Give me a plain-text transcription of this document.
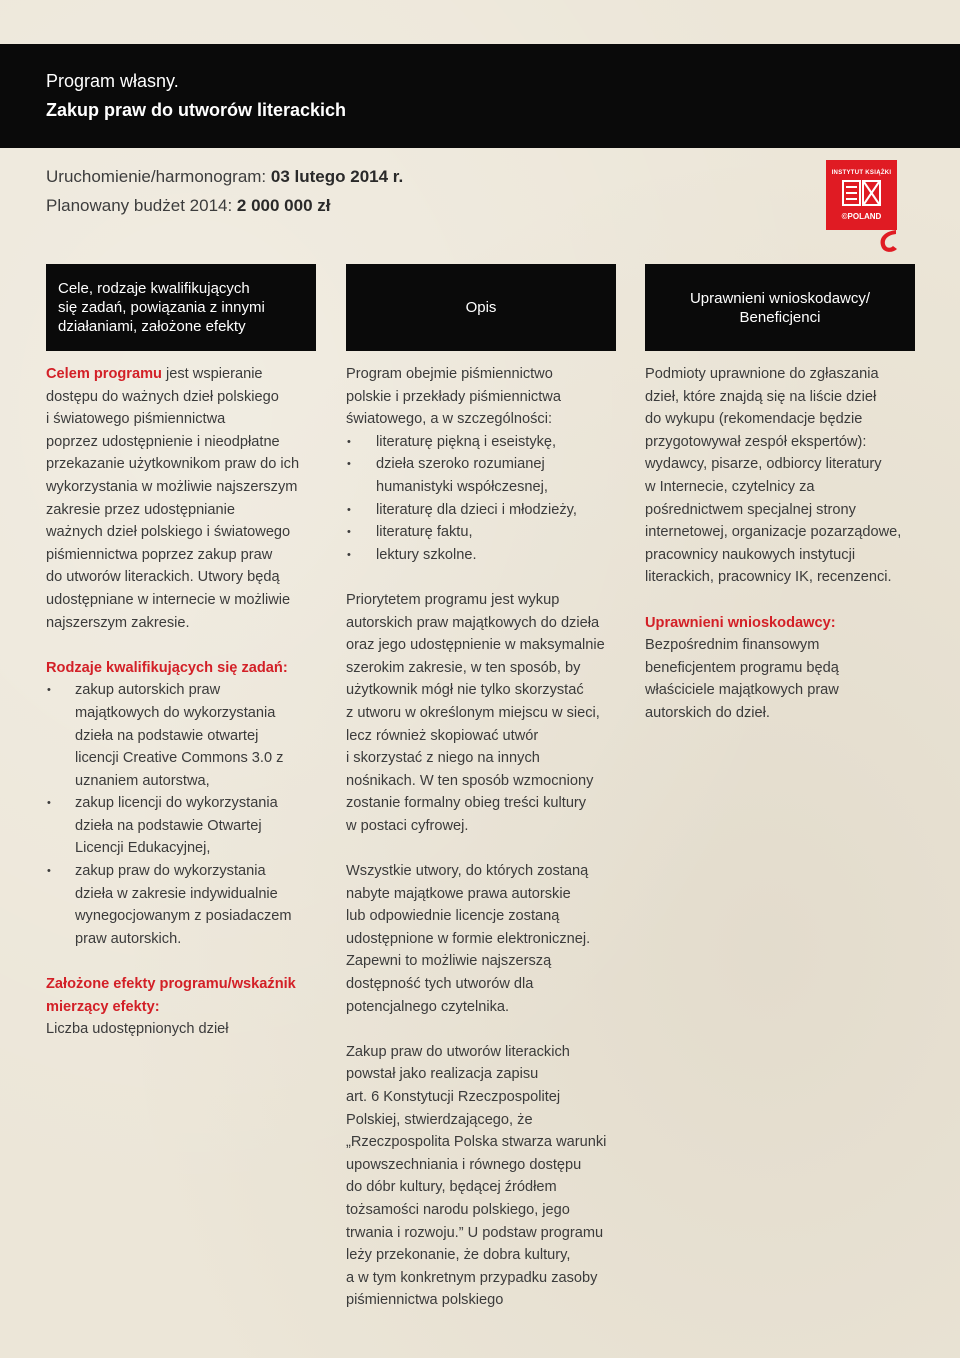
Program własny.
Zakup praw do utworów literackich
Uruchomienie/harmonogram: 03 lutego 2014 r.
Planowany budżet 2014: 2 000 000 zł
INSTYTUT KSIĄŻKI
©POLAND
Cele, rodzaje kwalifikujących
się zadań, powiązania z innymi
działaniami, założone efekty
Opis
Uprawnieni wnioskodawcy/
Beneficjenci

Celem programu jest wspieranie
dostępu do ważnych dzieł polskiego
i światowego piśmiennictwa
poprzez udostępnienie i nieodpłatne
przekazanie użytkownikom praw do ich
wykorzystania w możliwie najszerszym
zakresie przez udostępnianie
ważnych dzieł polskiego i światowego
piśmiennictwa poprzez zakup praw
do utworów literackich. Utwory będą
udostępniane w internecie w możliwie
najszerszym zakresie.

Rodzaje kwalifikujących się zadań:
• zakup autorskich praw
majątkowych do wykorzystania
dzieła na podstawie otwartej
licencji Creative Commons 3.0 z
uznaniem autorstwa,
• zakup licencji do wykorzystania
dzieła na podstawie Otwartej
Licencji Edukacyjnej,
• zakup praw do wykorzystania
dzieła w zakresie indywidualnie
wynegocjowanym z posiadaczem
praw autorskich.
Założone efekty programu/wskaźnik
mierzący efekty:
Liczba udostępnionych dzieł
Program obejmie piśmiennictwo
polskie i przekłady piśmiennictwa
światowego, a w szczególności:
• literaturę piękną i eseistykę,
• dzieła szeroko rozumianej
humanistyki współczesnej,
• literaturę dla dzieci i młodzieży,
• literaturę faktu,
• lektury szkolne.

Priorytetem programu jest wykup
autorskich praw majątkowych do dzieła
oraz jego udostępnienie w maksymalnie
szerokim zakresie, w ten sposób, by
użytkownik mógł nie tylko skorzystać
z utworu w określonym miejscu w sieci,
lecz również skopiować utwór
i skorzystać z niego na innych
nośnikach. W ten sposób wzmocniony
zostanie formalny obieg treści kultury
w postaci cyfrowej.

Wszystkie utwory, do których zostaną
nabyte majątkowe prawa autorskie
lub odpowiednie licencje zostaną
udostępnione w formie elektronicznej.
Zapewni to możliwie najszerszą
dostępność tych utworów dla
potencjalnego czytelnika.

Zakup praw do utworów literackich
powstał jako realizacja zapisu
art. 6 Konstytucji Rzeczpospolitej
Polskiej, stwierdzającego, że
„Rzeczpospolita Polska stwarza warunki
upowszechniania i równego dostępu
do dóbr kultury, będącej źródłem
tożsamości narodu polskiego, jego
trwania i rozwoju.” U podstaw programu
leży przekonanie, że dobra kultury,
a w tym konkretnym przypadku zasoby
piśmiennictwa polskiego

Podmioty uprawnione do zgłaszania
dzieł, które znajdą się na liście dzieł
do wykupu (rekomendacje będzie
przygotowywał zespół ekspertów):
wydawcy, pisarze, odbiorcy literatury
w Internecie, czytelnicy za
pośrednictwem specjalnej strony
internetowej, organizacje pozarządowe,
pracownicy naukowych instytucji
literackich, pracownicy IK, recenzenci.

Uprawnieni wnioskodawcy:
Bezpośrednim finansowym
beneficjentem programu będą
właściciele majątkowych praw
autorskich do dzieł.
